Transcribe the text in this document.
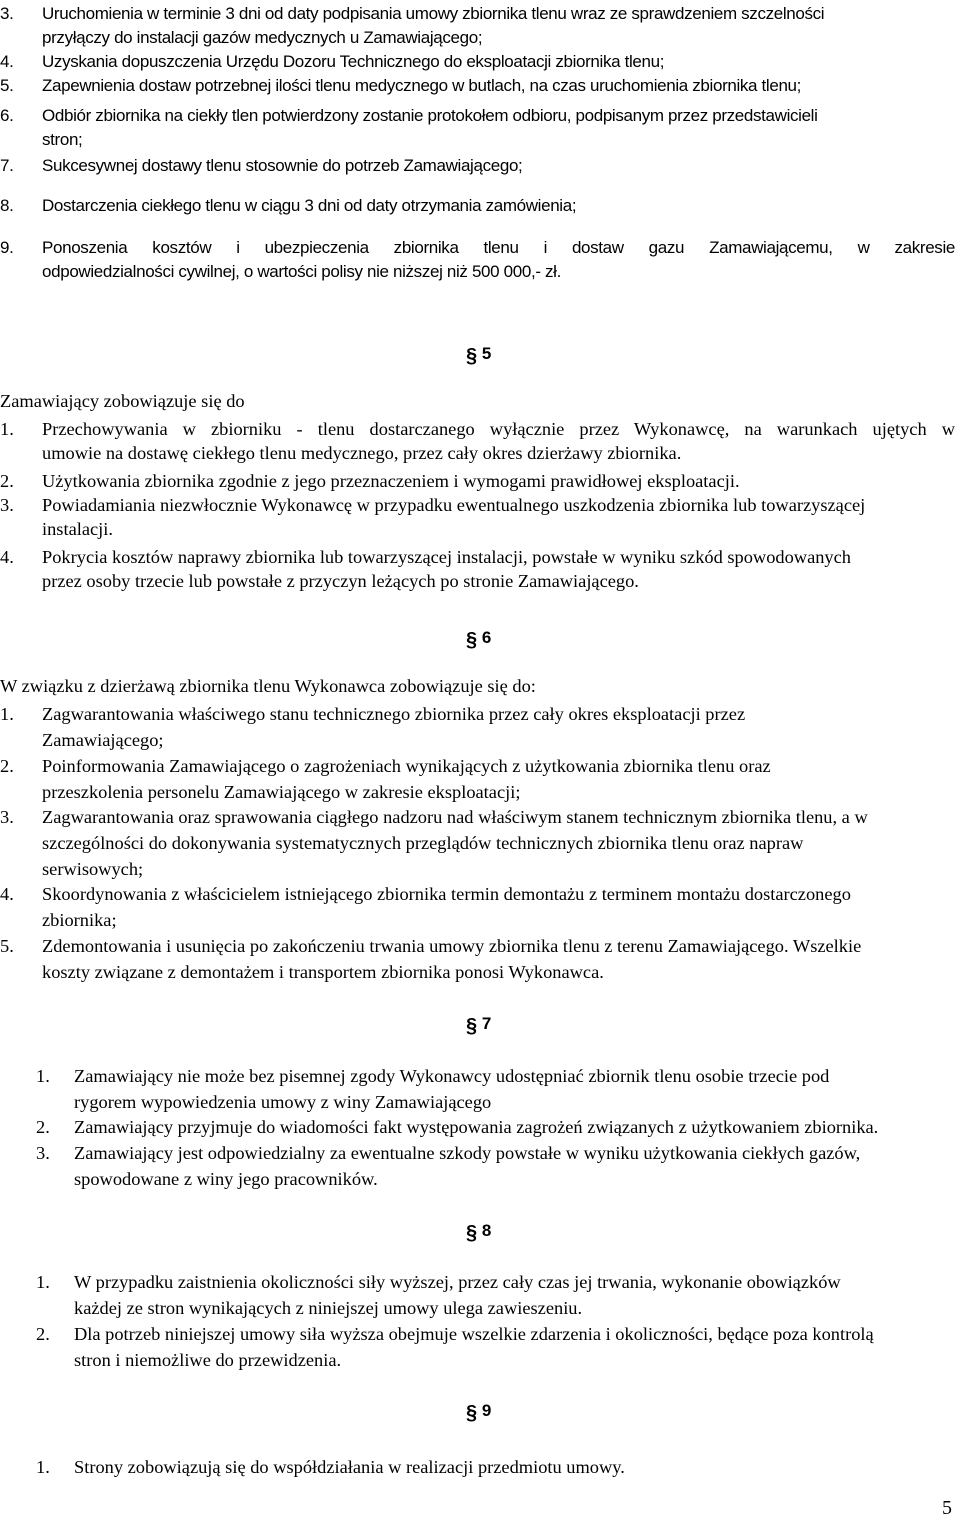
3. Uruchomienia w terminie 3 dni od daty podpisania umowy zbiornika tlenu wraz ze sprawdzeniem szczelności
przyłączy do instalacji gazów medycznych u Zamawiającego;
4. Uzyskania dopuszczenia Urzędu Dozoru Technicznego do eksploatacji zbiornika tlenu;
5. Zapewnienia dostaw potrzebnej ilości tlenu medycznego w butlach, na czas uruchomienia zbiornika tlenu;
6. Odbiór zbiornika na ciekły tlen potwierdzony zostanie protokołem odbioru, podpisanym przez przedstawicieli
stron;
7. Sukcesywnej dostawy tlenu stosownie do potrzeb Zamawiającego;
8. Dostarczenia ciekłego tlenu w ciągu 3 dni od daty otrzymania zamówienia;
9. Ponoszenia kosztów i ubezpieczenia zbiornika tlenu i dostaw gazu Zamawiającemu, w zakresie
odpowiedzialności cywilnej, o wartości polisy nie niższej niż 500 000,- zł.
§ 5
Zamawiający zobowiązuje się do
1. Przechowywania w zbiorniku - tlenu dostarczanego wyłącznie przez Wykonawcę, na warunkach ujętych w
umowie na dostawę ciekłego tlenu medycznego, przez cały okres dzierżawy zbiornika.
2. Użytkowania zbiornika zgodnie z jego przeznaczeniem i wymogami prawidłowej eksploatacji.
3. Powiadamiania niezwłocznie Wykonawcę w przypadku ewentualnego uszkodzenia zbiornika lub towarzyszącej
instalacji.
4. Pokrycia kosztów naprawy zbiornika lub towarzyszącej instalacji, powstałe w wyniku szkód spowodowanych
przez osoby trzecie lub powstałe z przyczyn leżących po stronie Zamawiającego.
§ 6
W związku z dzierżawą zbiornika tlenu Wykonawca zobowiązuje się do:
1. Zagwarantowania właściwego stanu technicznego zbiornika przez cały okres eksploatacji przez
Zamawiającego;
2. Poinformowania Zamawiającego o zagrożeniach wynikających z użytkowania zbiornika tlenu oraz
przeszkolenia personelu Zamawiającego w zakresie eksploatacji;
3. Zagwarantowania oraz sprawowania ciągłego nadzoru nad właściwym stanem technicznym zbiornika tlenu, a w
szczególności do dokonywania systematycznych przeglądów technicznych zbiornika tlenu oraz napraw
serwisowych;
4. Skoordynowania z właścicielem istniejącego zbiornika termin demontażu z terminem montażu dostarczonego
zbiornika;
5. Zdemontowania i usunięcia po zakończeniu trwania umowy zbiornika tlenu z terenu Zamawiającego. Wszelkie
koszty związane z demontażem i transportem zbiornika ponosi Wykonawca.
§ 7
1. Zamawiający nie może bez pisemnej zgody Wykonawcy udostępniać zbiornik tlenu osobie trzecie pod
rygorem wypowiedzenia umowy z winy Zamawiającego
2. Zamawiający przyjmuje do wiadomości fakt występowania zagrożeń związanych z użytkowaniem zbiornika.
3. Zamawiający jest odpowiedzialny za ewentualne szkody powstałe w wyniku użytkowania ciekłych gazów,
spowodowane z winy jego pracowników.
§ 8
1. W przypadku zaistnienia okoliczności siły wyższej, przez cały czas jej trwania, wykonanie obowiązków
każdej ze stron wynikających z niniejszej umowy ulega zawieszeniu.
2. Dla potrzeb niniejszej umowy siła wyższa obejmuje wszelkie zdarzenia i okoliczności, będące poza kontrolą
stron i niemożliwe do przewidzenia.
§ 9
1. Strony zobowiązują się do współdziałania w realizacji przedmiotu umowy.
5
